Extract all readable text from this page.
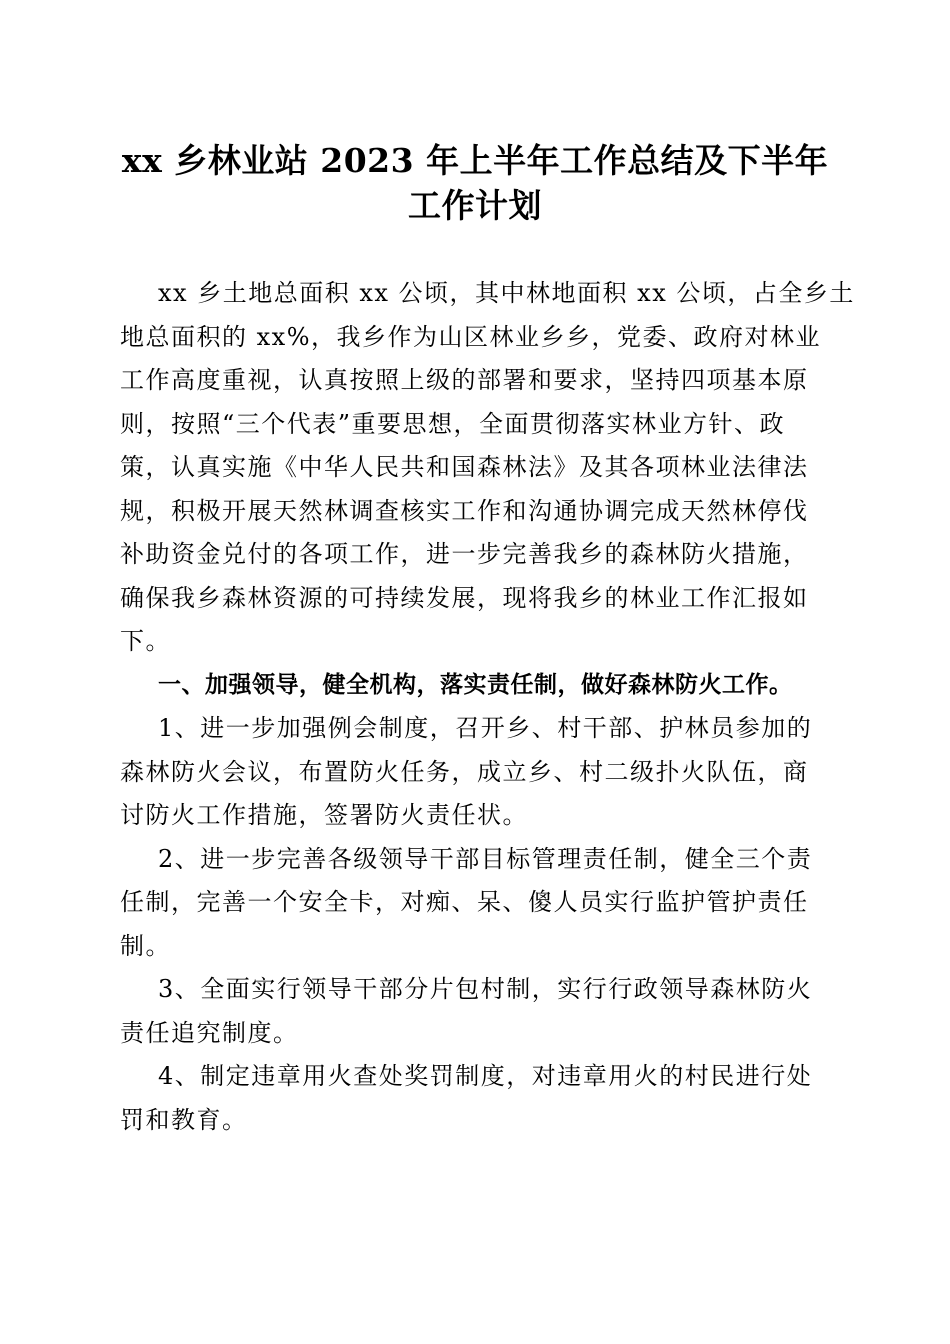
xx 乡林业站 2023 年上半年工作总结及下半年
工作计划

xx 乡土地总面积 xx 公顷，其中林地面积 xx 公顷，占全乡土
地总面积的 xx%，我乡作为山区林业乡乡，党委、政府对林业
工作高度重视，认真按照上级的部署和要求，坚持四项基本原
则，按照“三个代表”重要思想，全面贯彻落实林业方针、政
策，认真实施《中华人民共和国森林法》及其各项林业法律法
规，积极开展天然林调查核实工作和沟通协调完成天然林停伐
补助资金兑付的各项工作，进一步完善我乡的森林防火措施，
确保我乡森林资源的可持续发展，现将我乡的林业工作汇报如
下。

一、加强领导，健全机构，落实责任制，做好森林防火工作。

1、进一步加强例会制度，召开乡、村干部、护林员参加的
森林防火会议，布置防火任务，成立乡、村二级扑火队伍，商
讨防火工作措施，签署防火责任状。

2、进一步完善各级领导干部目标管理责任制，健全三个责
任制，完善一个安全卡，对痴、呆、傻人员实行监护管护责任
制。

3、全面实行领导干部分片包村制，实行行政领导森林防火
责任追究制度。

4、制定违章用火查处奖罚制度，对违章用火的村民进行处
罚和教育。
